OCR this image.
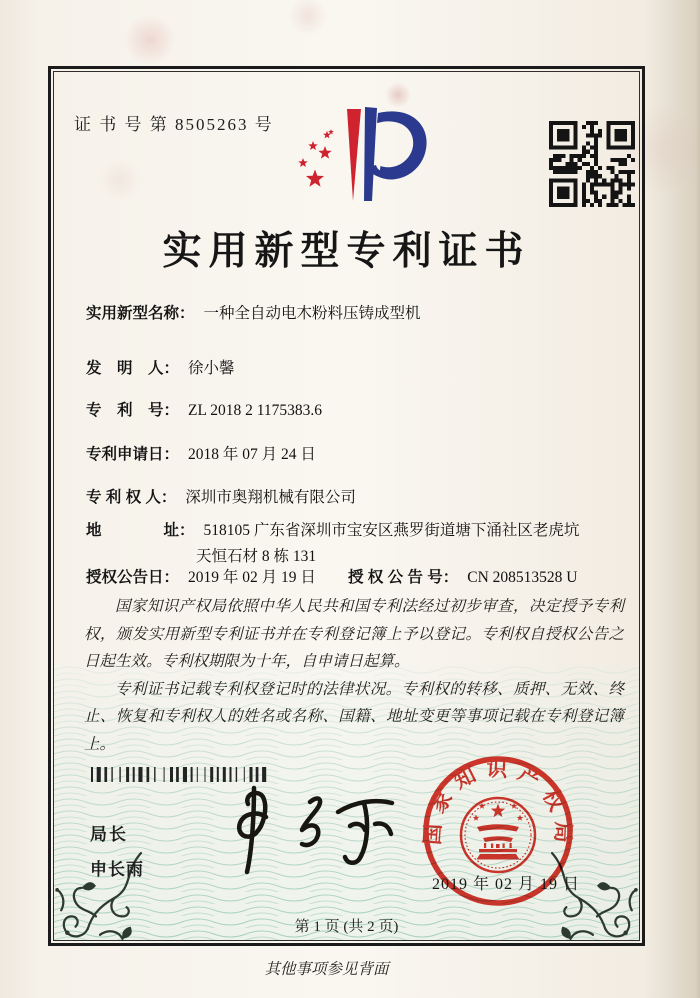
证 书 号 第 8505263 号
实用新型专利证书
实用新型名称： 一种全自动电木粉料压铸成型机
发　明　人： 徐小馨
专　利　号： ZL 2018 2 1175383.6
专利申请日： 2018 年 07 月 24 日
专 利 权 人： 深圳市奥翔机械有限公司
地　　　　址： 518105 广东省深圳市宝安区燕罗街道塘下涌社区老虎坑
天恒石材 8 栋 131
授权公告日： 2019 年 02 月 19 日 授 权 公 告 号： CN 208513528 U

国家知识产权局依照中华人民共和国专利法经过初步审查，决定授予专利权，颁发实用新型专利证书并在专利登记簿上予以登记。专利权自授权公告之日起生效。专利权期限为十年，自申请日起算。

专利证书记载专利权登记时的法律状况。专利权的转移、质押、无效、终止、恢复和专利权人的姓名或名称、国籍、地址变更等事项记载在专利登记簿上。

局长
申长雨
国家知识产权局
2019 年 02 月 19 日
第 1 页 (共 2 页)
其他事项参见背面
